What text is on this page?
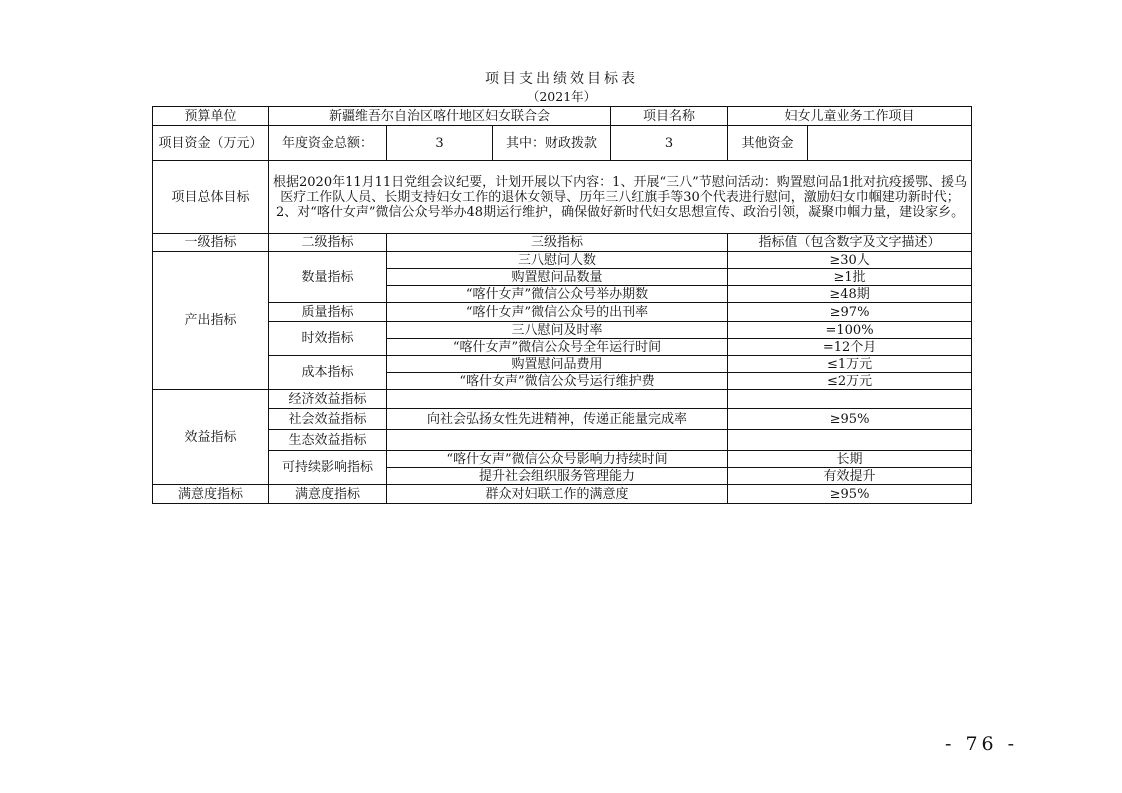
项目支出绩效目标表
（2021年）
预算单位	新疆维吾尔自治区喀什地区妇女联合会			项目名称	妇女儿童业务工作项目	
项目资金（万元）	年度资金总额：	3	其中：财政拨款	3	其他资金	
项目总体目标	根据2020年11月11日党组会议纪要，计划开展以下内容：1、开展“三八”节慰问活动：购置慰问品1批对抗疫援鄂、援乌医疗工作队人员、长期支持妇女工作的退休女领导、历年三八红旗手等30个代表进行慰问，激励妇女巾帼建功新时代；2、对“喀什女声”微信公众号举办48期运行维护，确保做好新时代妇女思想宣传、政治引领，凝聚巾帼力量，建设家乡。					
一级指标	二级指标	三级指标			指标值（包含数字及文字描述）	
产出指标	数量指标	三八慰问人数			≥30人	
		购置慰问品数量			≥1批	
		“喀什女声”微信公众号举办期数			≥48期	
	质量指标	“喀什女声”微信公众号的出刊率			≥97%	
	时效指标	三八慰问及时率			=100%	
		“喀什女声”微信公众号全年运行时间			=12个月	
	成本指标	购置慰问品费用			≤1万元	
		“喀什女声”微信公众号运行维护费			≤2万元	
效益指标	经济效益指标					
	社会效益指标	向社会弘扬女性先进精神，传递正能量完成率			≥95%	
	生态效益指标					
	可持续影响指标	“喀什女声”微信公众号影响力持续时间			长期	
		提升社会组织服务管理能力			有效提升	
满意度指标	满意度指标	群众对妇联工作的满意度			≥95%	
- 76 -
